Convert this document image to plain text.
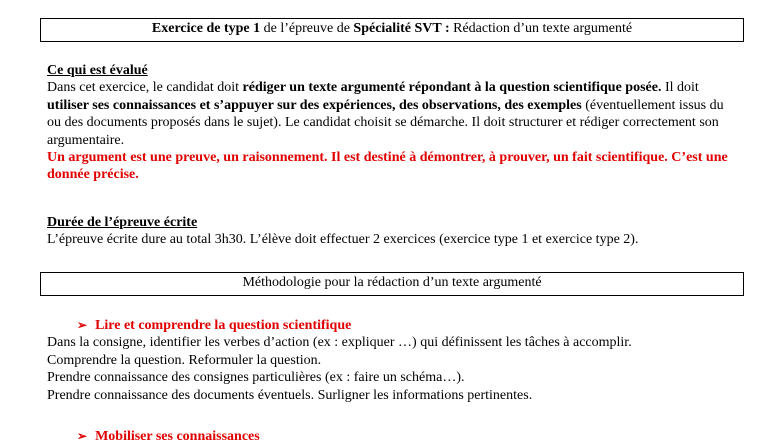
Exercice de type 1 de l’épreuve de Spécialité SVT : Rédaction d’un texte argumenté
Ce qui est évalué
Dans cet exercice, le candidat doit rédiger un texte argumenté répondant à la question scientifique posée. Il doit utiliser ses connaissances et s’appuyer sur des expériences, des observations, des exemples (éventuellement issus du ou des documents proposés dans le sujet). Le candidat choisit se démarche. Il doit structurer et rédiger correctement son argumentaire.
Un argument est une preuve, un raisonnement. Il est destiné à démontrer, à prouver, un fait scientifique. C’est une donnée précise.
Durée de l’épreuve écrite
L’épreuve écrite dure au total 3h30. L’élève doit effectuer 2 exercices (exercice type 1 et exercice type 2).
Méthodologie pour la rédaction d’un texte argumenté
➢ Lire et comprendre la question scientifique
Dans la consigne, identifier les verbes d’action (ex : expliquer …) qui définissent les tâches à accomplir.
Comprendre la question. Reformuler la question.
Prendre connaissance des consignes particulières (ex : faire un schéma…).
Prendre connaissance des documents éventuels. Surligner les informations pertinentes.
➢ Mobiliser ses connaissances
